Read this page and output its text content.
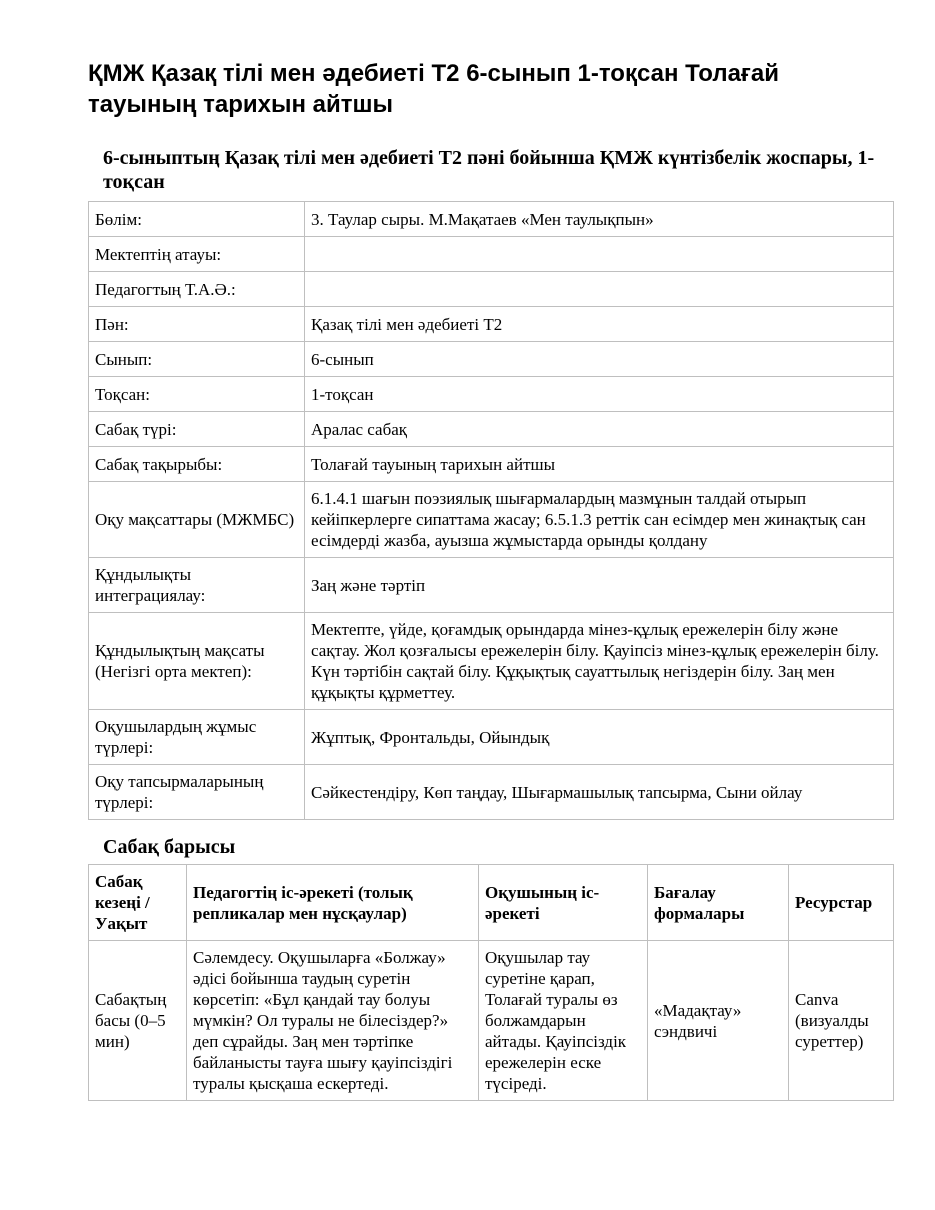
ҚМЖ Қазақ тілі мен әдебиеті Т2 6-сынып 1-тоқсан Толағай тауының тарихын айтшы
6-сыныптың Қазақ тілі мен әдебиеті Т2 пәні бойынша ҚМЖ күнтізбелік жоспары, 1-тоқсан
Бөлім:	3. Таулар сыры. М.Мақатаев «Мен таулықпын»
Мектептің атауы:	
Педагогтың Т.А.Ә.:	
Пән:	Қазақ тілі мен әдебиеті Т2
Сынып:	6-сынып
Тоқсан:	1-тоқсан
Сабақ түрі:	Аралас сабақ
Сабақ тақырыбы:	Толағай тауының тарихын айтшы
Оқу мақсаттары (МЖМБС)	6.1.4.1 шағын поэзиялық шығармалардың мазмұнын талдай отырып кейіпкерлерге сипаттама жасау; 6.5.1.3 реттік сан есімдер мен жинақтық сан есімдерді жазба, ауызша жұмыстарда орынды қолдану
Құндылықты интеграциялау:	Заң және тәртіп
Құндылықтың мақсаты (Негізгі орта мектеп):	Мектепте, үйде, қоғамдық орындарда мінез-құлық ережелерін білу және сақтау. Жол қозғалысы ережелерін білу. Қауіпсіз мінез-құлық ережелерін білу. Күн тәртібін сақтай білу. Құқықтық сауаттылық негіздерін білу. Заң мен құқықты құрметтеу.
Оқушылардың жұмыс түрлері:	Жұптық, Фронтальды, Ойындық
Оқу тапсырмаларының түрлері:	Сәйкестендіру, Көп таңдау, Шығармашылық тапсырма, Сыни ойлау
Сабақ барысы
Сабақ кезеңі / Уақыт	Педагогтің іс-әрекеті (толық репликалар мен нұсқаулар)	Оқушының іс-әрекеті	Бағалау формалары	Ресурстар
Сабақтың басы (0–5 мин)	Сәлемдесу. Оқушыларға «Болжау» әдісі бойынша таудың суретін көрсетіп: «Бұл қандай тау болуы мүмкін? Ол туралы не білесіздер?» деп сұрайды. Заң мен тәртіпке байланысты тауға шығу қауіпсіздігі туралы қысқаша ескертеді.	Оқушылар тау суретіне қарап, Толағай туралы өз болжамдарын айтады. Қауіпсіздік ережелерін еске түсіреді.	«Мадақтау» сэндвичі	Canva (визуалды суреттер)
